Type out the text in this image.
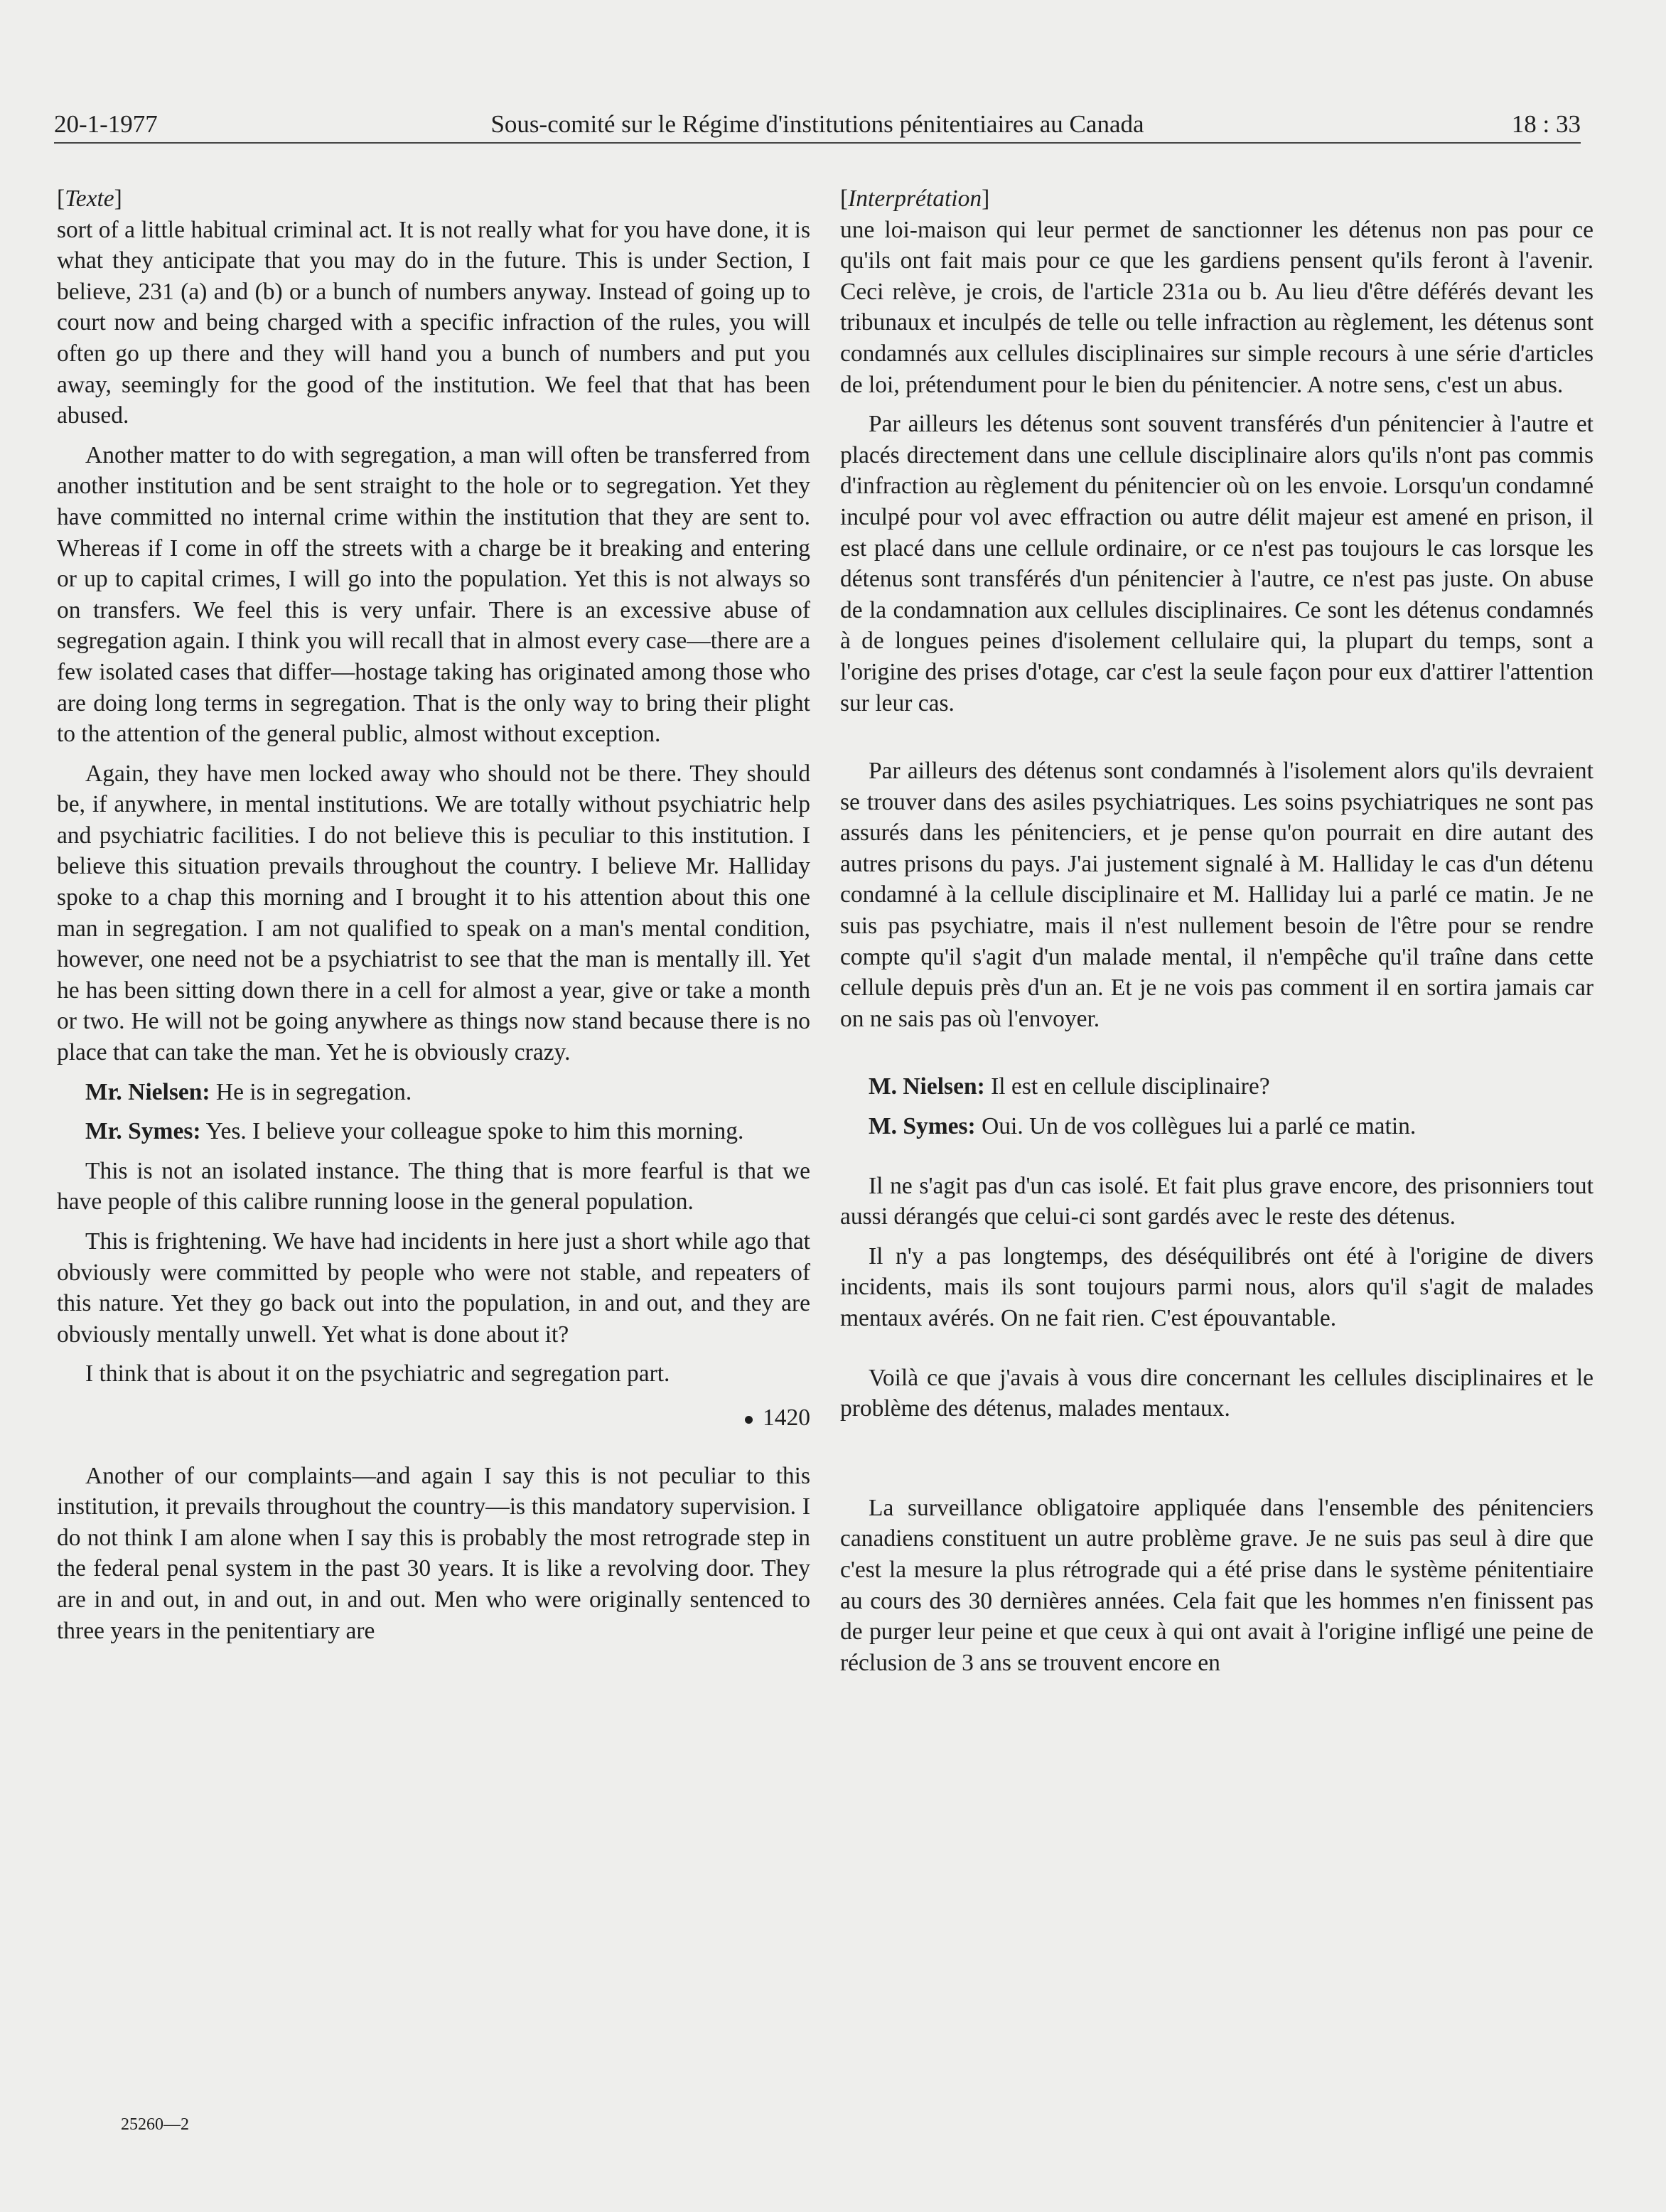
20-1-1977	Sous-comité sur le Régime d'institutions pénitentiaires au Canada	18 : 33

[Texte]

sort of a little habitual criminal act. It is not really what for you have done, it is what they anticipate that you may do in the future. This is under Section, I believe, 231 (a) and (b) or a bunch of numbers anyway. Instead of going up to court now and being charged with a specific infraction of the rules, you will often go up there and they will hand you a bunch of numbers and put you away, seemingly for the good of the institution. We feel that that has been abused.

Another matter to do with segregation, a man will often be transferred from another institution and be sent straight to the hole or to segregation. Yet they have committed no internal crime within the institution that they are sent to. Whereas if I come in off the streets with a charge be it breaking and entering or up to capital crimes, I will go into the population. Yet this is not always so on transfers. We feel this is very unfair. There is an excessive abuse of segregation again. I think you will recall that in almost every case—there are a few isolated cases that differ—hostage taking has originated among those who are doing long terms in segregation. That is the only way to bring their plight to the attention of the general public, almost without exception.

Again, they have men locked away who should not be there. They should be, if anywhere, in mental institutions. We are totally without psychiatric help and psychiatric facilities. I do not believe this is peculiar to this institution. I believe this situation prevails throughout the country. I believe Mr. Halliday spoke to a chap this morning and I brought it to his attention about this one man in segregation. I am not qualified to speak on a man's mental condition, however, one need not be a psychiatrist to see that the man is mentally ill. Yet he has been sitting down there in a cell for almost a year, give or take a month or two. He will not be going anywhere as things now stand because there is no place that can take the man. Yet he is obviously crazy.

Mr. Nielsen: He is in segregation.

Mr. Symes: Yes. I believe your colleague spoke to him this morning.

This is not an isolated instance. The thing that is more fearful is that we have people of this calibre running loose in the general population.

This is frightening. We have had incidents in here just a short while ago that obviously were committed by people who were not stable, and repeaters of this nature. Yet they go back out into the population, in and out, and they are obviously mentally unwell. Yet what is done about it?

I think that is about it on the psychiatric and segregation part.

1420

Another of our complaints—and again I say this is not peculiar to this institution, it prevails throughout the country—is this mandatory supervision. I do not think I am alone when I say this is probably the most retrograde step in the federal penal system in the past 30 years. It is like a revolving door. They are in and out, in and out, in and out. Men who were originally sentenced to three years in the penitentiary are

[Interprétation]

une loi-maison qui leur permet de sanctionner les détenus non pas pour ce qu'ils ont fait mais pour ce que les gardiens pensent qu'ils feront à l'avenir. Ceci relève, je crois, de l'article 231a ou b. Au lieu d'être déférés devant les tribunaux et inculpés de telle ou telle infraction au règlement, les détenus sont condamnés aux cellules disciplinaires sur simple recours à une série d'articles de loi, prétendument pour le bien du pénitencier. A notre sens, c'est un abus.

Par ailleurs les détenus sont souvent transférés d'un pénitencier à l'autre et placés directement dans une cellule disciplinaire alors qu'ils n'ont pas commis d'infraction au règlement du pénitencier où on les envoie. Lorsqu'un condamné inculpé pour vol avec effraction ou autre délit majeur est amené en prison, il est placé dans une cellule ordinaire, or ce n'est pas toujours le cas lorsque les détenus sont transférés d'un pénitencier à l'autre, ce n'est pas juste. On abuse de la condamnation aux cellules disciplinaires. Ce sont les détenus condamnés à de longues peines d'isolement cellulaire qui, la plupart du temps, sont a l'origine des prises d'otage, car c'est la seule façon pour eux d'attirer l'attention sur leur cas.

Par ailleurs des détenus sont condamnés à l'isolement alors qu'ils devraient se trouver dans des asiles psychiatriques. Les soins psychiatriques ne sont pas assurés dans les pénitenciers, et je pense qu'on pourrait en dire autant des autres prisons du pays. J'ai justement signalé à M. Halliday le cas d'un détenu condamné à la cellule disciplinaire et M. Halliday lui a parlé ce matin. Je ne suis pas psychiatre, mais il n'est nullement besoin de l'être pour se rendre compte qu'il s'agit d'un malade mental, il n'empêche qu'il traîne dans cette cellule depuis près d'un an. Et je ne vois pas comment il en sortira jamais car on ne sais pas où l'envoyer.

M. Nielsen: Il est en cellule disciplinaire?

M. Symes: Oui. Un de vos collègues lui a parlé ce matin.

Il ne s'agit pas d'un cas isolé. Et fait plus grave encore, des prisonniers tout aussi dérangés que celui-ci sont gardés avec le reste des détenus.

Il n'y a pas longtemps, des déséquilibrés ont été à l'origine de divers incidents, mais ils sont toujours parmi nous, alors qu'il s'agit de malades mentaux avérés. On ne fait rien. C'est épouvantable.

Voilà ce que j'avais à vous dire concernant les cellules disciplinaires et le problème des détenus, malades mentaux.

La surveillance obligatoire appliquée dans l'ensemble des pénitenciers canadiens constituent un autre problème grave. Je ne suis pas seul à dire que c'est la mesure la plus rétrograde qui a été prise dans le système pénitentiaire au cours des 30 dernières années. Cela fait que les hommes n'en finissent pas de purger leur peine et que ceux à qui ont avait à l'origine infligé une peine de réclusion de 3 ans se trouvent encore en

25260—2
